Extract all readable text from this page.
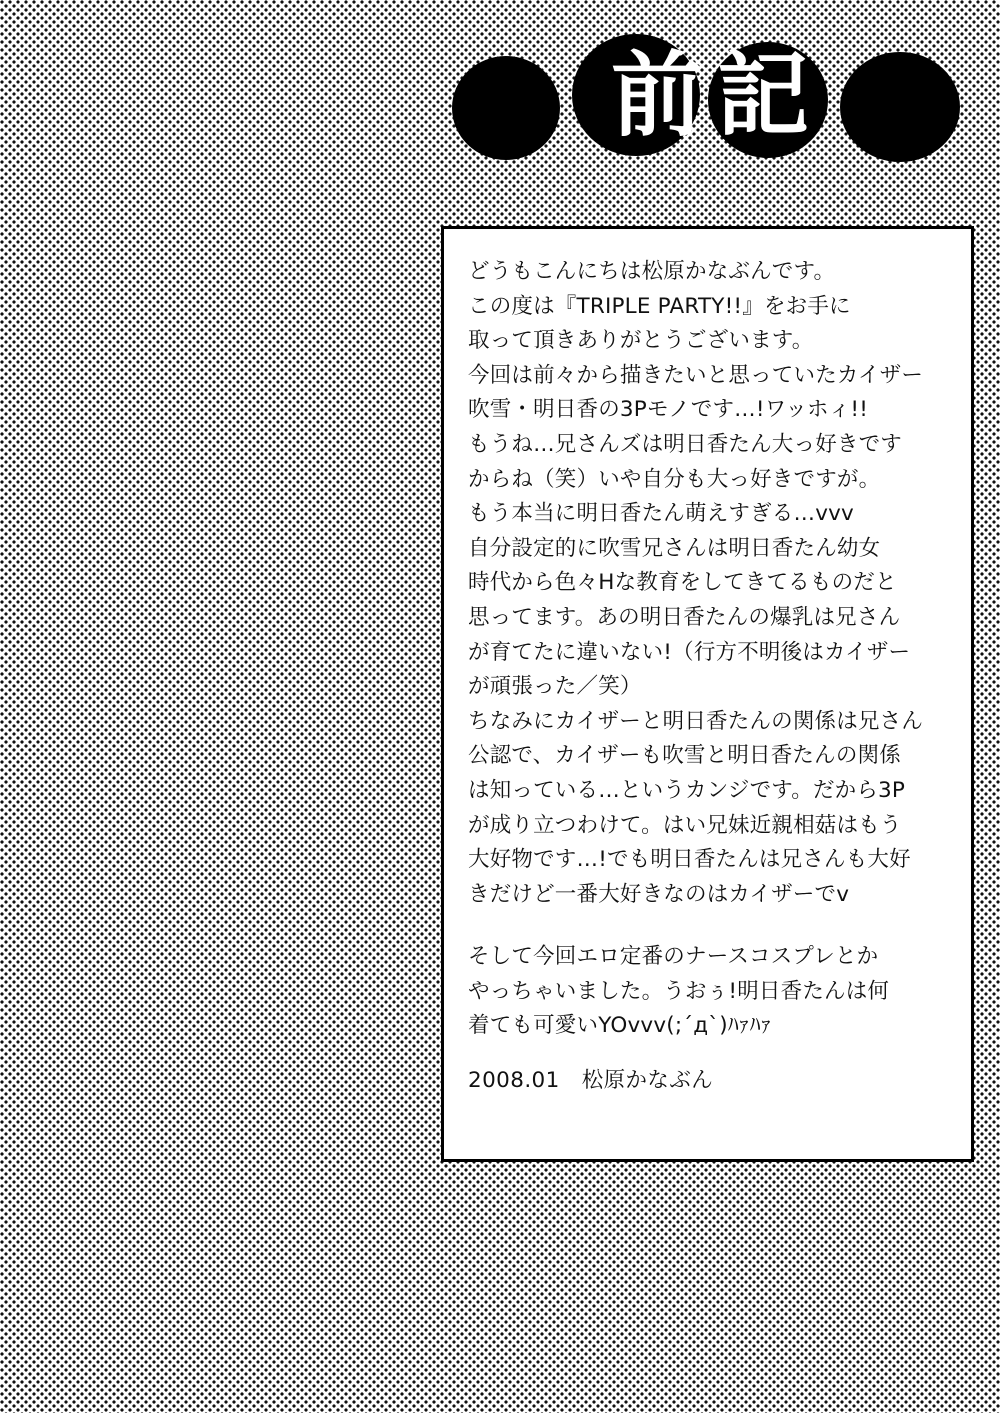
前記
どうもこんにちは松原かなぶんです。
この度は『TRIPLE PARTY!!』をお手に
取って頂きありがとうございます。
今回は前々から描きたいと思っていたカイザー
吹雪・明日香の3Pモノです…!ワッホィ!!
もうね…兄さんズは明日香たん大っ好きです
からね（笑）いや自分も大っ好きですが。
もう本当に明日香たん萌えすぎる…vvv
自分設定的に吹雪兄さんは明日香たん幼女
時代から色々Hな教育をしてきてるものだと
思ってます。あの明日香たんの爆乳は兄さん
が育てたに違いない!（行方不明後はカイザー
が頑張った／笑）
ちなみにカイザーと明日香たんの関係は兄さん
公認で、カイザーも吹雪と明日香たんの関係
は知っている…というカンジです。だから3P
が成り立つわけて。はい兄妹近親相菇はもう
大好物です…!でも明日香たんは兄さんも大好
きだけど一番大好きなのはカイザーでv
そして今回エロ定番のナースコスプレとか
やっちゃいました。うおぅ!明日香たんは何
着ても可愛いYOvvv(;´д`)ﾊｧﾊｧ
2008.01 松原かなぶん
